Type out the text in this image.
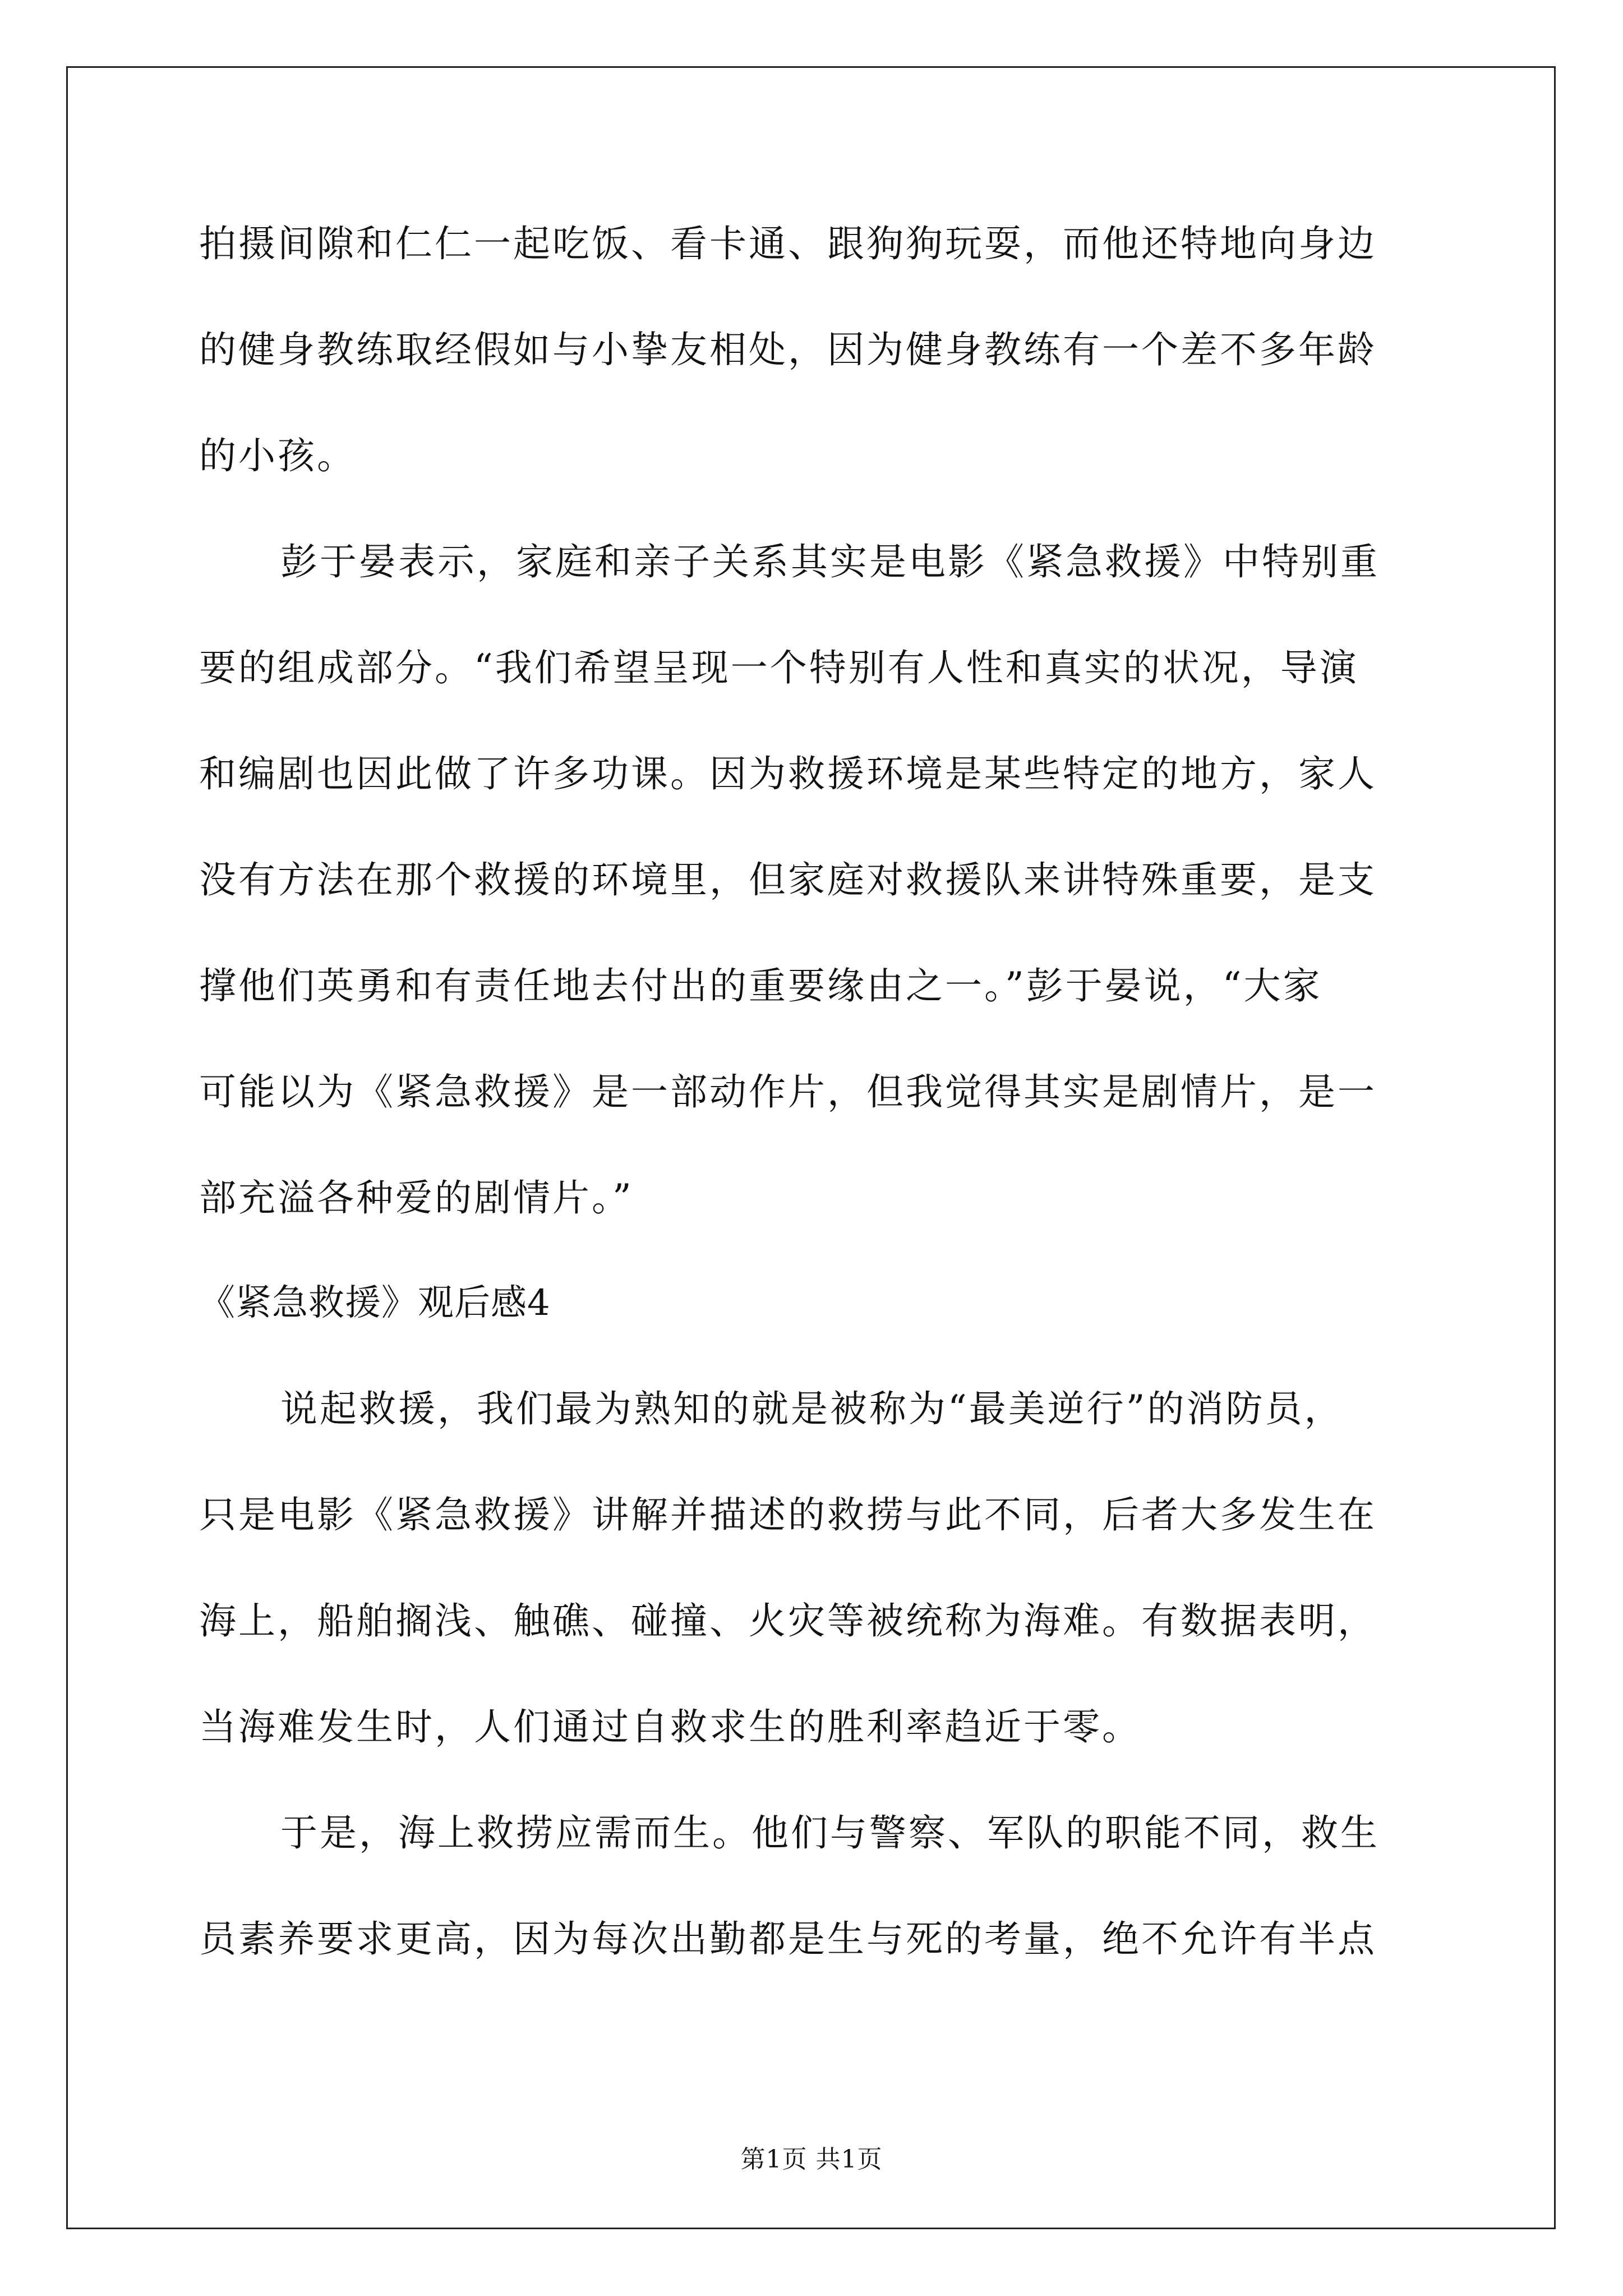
拍摄间隙和仁仁一起吃饭、看卡通、跟狗狗玩耍，而他还特地向身边
的健身教练取经假如与小挚友相处，因为健身教练有一个差不多年龄
的小孩。
彭于晏表示，家庭和亲子关系其实是电影《紧急救援》中特别重
要的组成部分。“我们希望呈现一个特别有人性和真实的状况，导演
和编剧也因此做了许多功课。因为救援环境是某些特定的地方，家人
没有方法在那个救援的环境里，但家庭对救援队来讲特殊重要，是支
撑他们英勇和有责任地去付出的重要缘由之一。”彭于晏说，“大家
可能以为《紧急救援》是一部动作片，但我觉得其实是剧情片，是一
部充溢各种爱的剧情片。”
《紧急救援》观后感4
说起救援，我们最为熟知的就是被称为“最美逆行”的消防员，
只是电影《紧急救援》讲解并描述的救捞与此不同，后者大多发生在
海上，船舶搁浅、触礁、碰撞、火灾等被统称为海难。有数据表明，
当海难发生时，人们通过自救求生的胜利率趋近于零。
于是，海上救捞应需而生。他们与警察、军队的职能不同，救生
员素养要求更高，因为每次出勤都是生与死的考量，绝不允许有半点
第1页 共1页
